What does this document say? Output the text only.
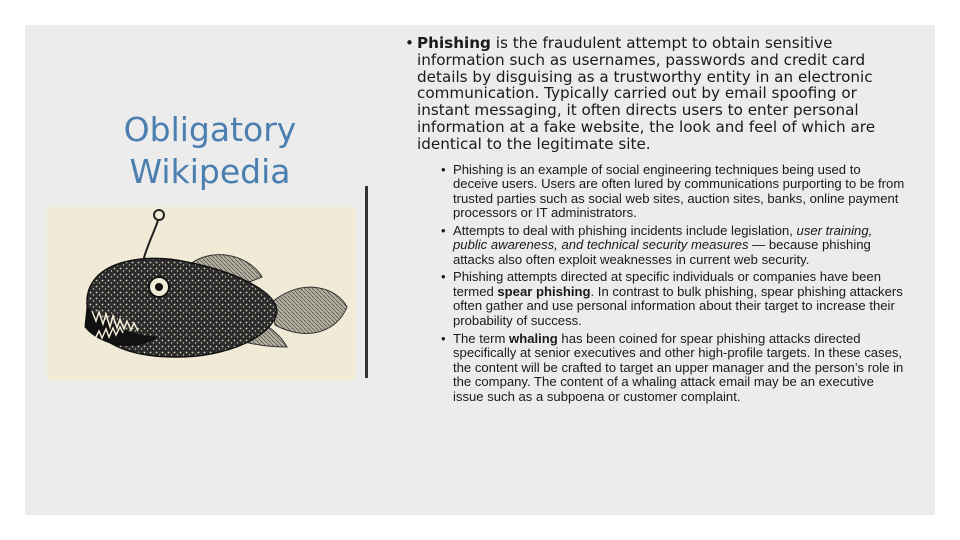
Obligatory
Wikipedia

• Phishing is the fraudulent attempt to obtain sensitive information such as usernames, passwords and credit card details by disguising as a trustworthy entity in an electronic communication. Typically carried out by email spoofing or instant messaging, it often directs users to enter personal information at a fake website, the look and feel of which are identical to the legitimate site.

• Phishing is an example of social engineering techniques being used to deceive users. Users are often lured by communications purporting to be from trusted parties such as social web sites, auction sites, banks, online payment processors or IT administrators.
• Attempts to deal with phishing incidents include legislation, user training, public awareness, and technical security measures — because phishing attacks also often exploit weaknesses in current web security.
• Phishing attempts directed at specific individuals or companies have been termed spear phishing. In contrast to bulk phishing, spear phishing attackers often gather and use personal information about their target to increase their probability of success.
• The term whaling has been coined for spear phishing attacks directed specifically at senior executives and other high-profile targets. In these cases, the content will be crafted to target an upper manager and the person’s role in the company. The content of a whaling attack email may be an executive issue such as a subpoena or customer complaint.
